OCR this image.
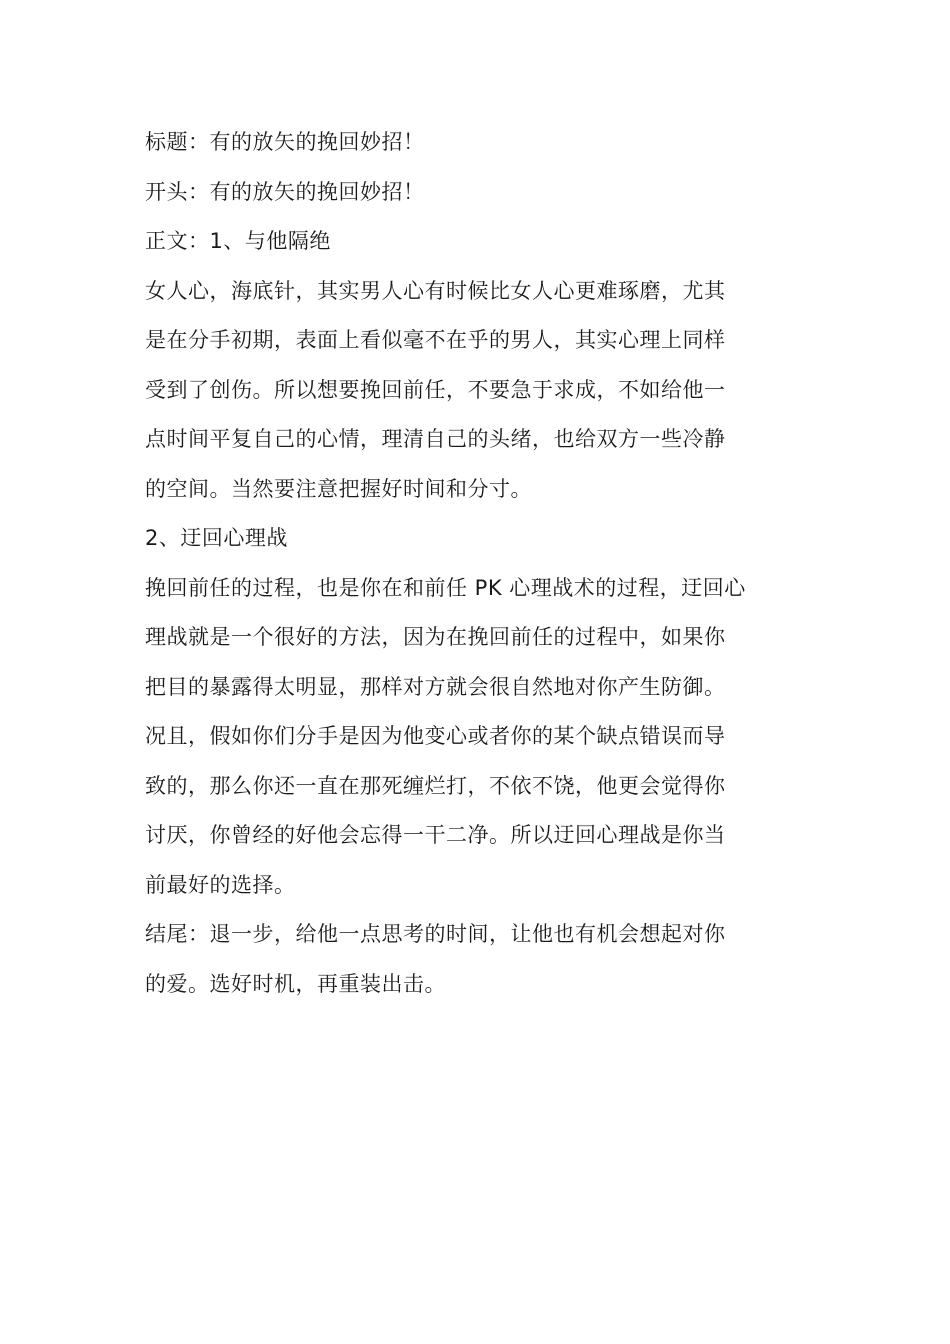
标题：有的放矢的挽回妙招！
开头：有的放矢的挽回妙招！
正文：1、与他隔绝
女人心，海底针，其实男人心有时候比女人心更难琢磨，尤其
是在分手初期，表面上看似毫不在乎的男人，其实心理上同样
受到了创伤。所以想要挽回前任，不要急于求成，不如给他一
点时间平复自己的心情，理清自己的头绪，也给双方一些冷静
的空间。当然要注意把握好时间和分寸。
2、迂回心理战
挽回前任的过程，也是你在和前任 PK 心理战术的过程，迂回心
理战就是一个很好的方法，因为在挽回前任的过程中，如果你
把目的暴露得太明显，那样对方就会很自然地对你产生防御。
况且，假如你们分手是因为他变心或者你的某个缺点错误而导
致的，那么你还一直在那死缠烂打，不依不饶，他更会觉得你
讨厌，你曾经的好他会忘得一干二净。所以迂回心理战是你当
前最好的选择。
结尾：退一步，给他一点思考的时间，让他也有机会想起对你
的爱。选好时机，再重装出击。
